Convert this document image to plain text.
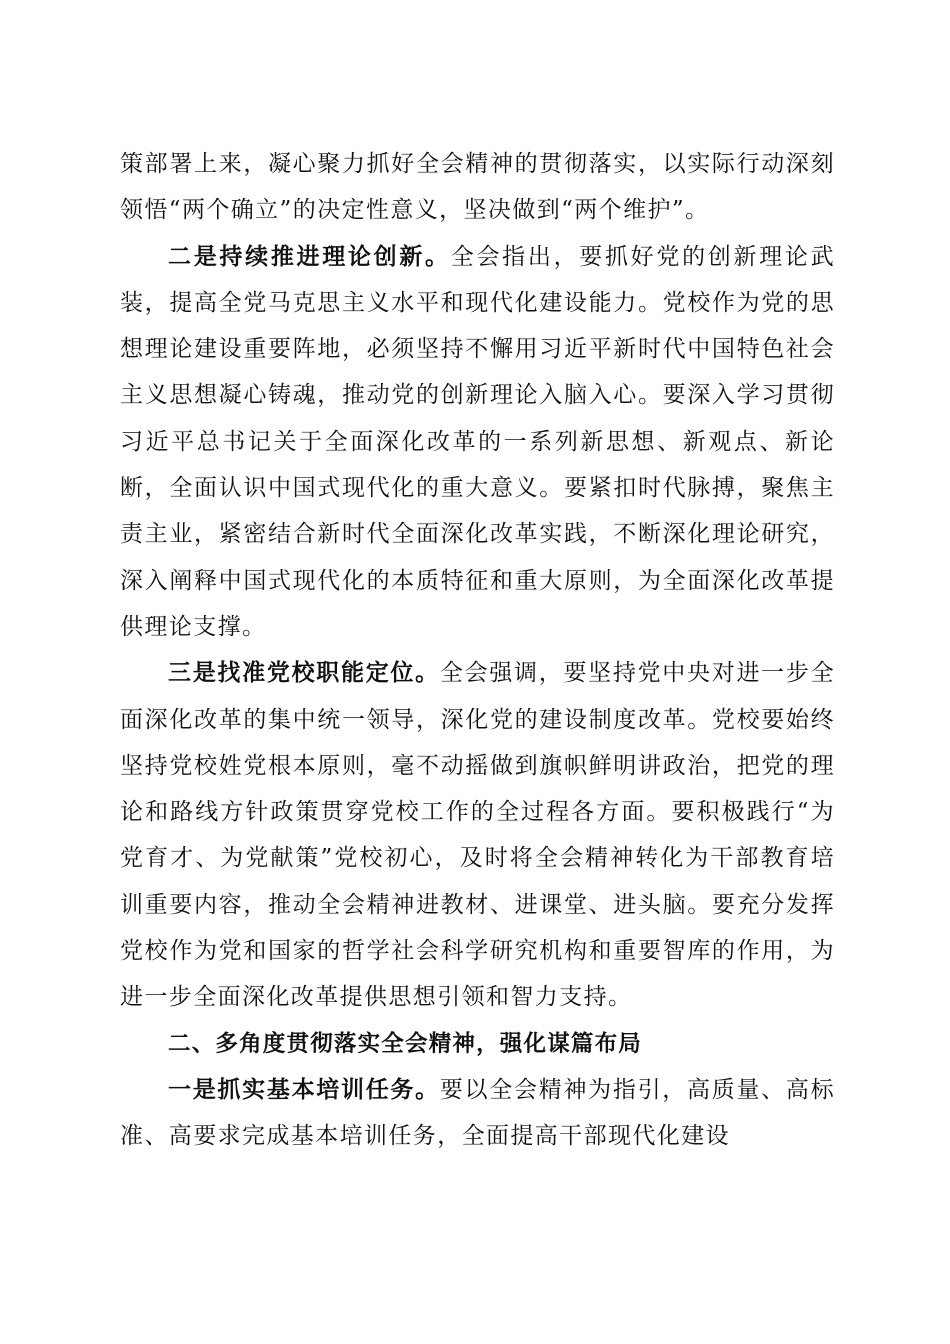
策部署上来，凝心聚力抓好全会精神的贯彻落实，以实际行动深刻领悟“两个确立”的决定性意义，坚决做到“两个维护”。

二是持续推进理论创新。全会指出，要抓好党的创新理论武装，提高全党马克思主义水平和现代化建设能力。党校作为党的思想理论建设重要阵地，必须坚持不懈用习近平新时代中国特色社会主义思想凝心铸魂，推动党的创新理论入脑入心。要深入学习贯彻习近平总书记关于全面深化改革的一系列新思想、新观点、新论断，全面认识中国式现代化的重大意义。要紧扣时代脉搏，聚焦主责主业，紧密结合新时代全面深化改革实践，不断深化理论研究，深入阐释中国式现代化的本质特征和重大原则，为全面深化改革提供理论支撑。

三是找准党校职能定位。全会强调，要坚持党中央对进一步全面深化改革的集中统一领导，深化党的建设制度改革。党校要始终坚持党校姓党根本原则，毫不动摇做到旗帜鲜明讲政治，把党的理论和路线方针政策贯穿党校工作的全过程各方面。要积极践行“为党育才、为党献策”党校初心，及时将全会精神转化为干部教育培训重要内容，推动全会精神进教材、进课堂、进头脑。要充分发挥党校作为党和国家的哲学社会科学研究机构和重要智库的作用，为进一步全面深化改革提供思想引领和智力支持。

二、多角度贯彻落实全会精神，强化谋篇布局

一是抓实基本培训任务。要以全会精神为指引，高质量、高标准、高要求完成基本培训任务，全面提高干部现代化建设
